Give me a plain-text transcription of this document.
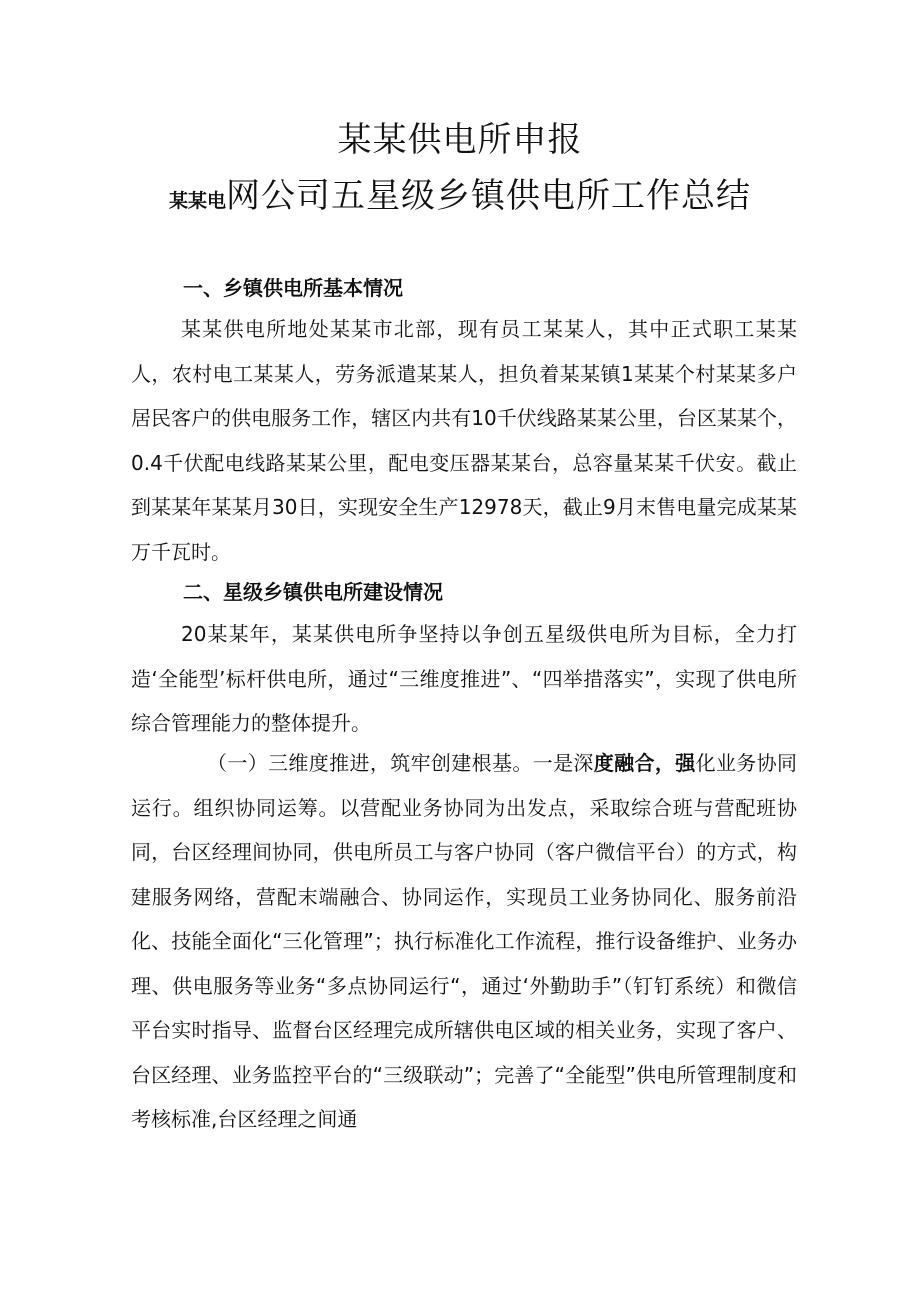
某某供电所申报
某某电网公司五星级乡镇供电所工作总结
一、乡镇供电所基本情况

某某供电所地处某某市北部，现有员工某某人，其中正式职工某某人，农村电工某某人，劳务派遣某某人，担负着某某镇1某某个村某某多户居民客户的供电服务工作，辖区内共有10千伏线路某某公里，台区某某个，0.4千伏配电线路某某公里，配电变压器某某台，总容量某某千伏安。截止到某某年某某月30日，实现安全生产12978天，截止9月末售电量完成某某万千瓦时。

二、星级乡镇供电所建设情况

20某某年，某某供电所争坚持以争创五星级供电所为目标，全力打造‘全能型’标杆供电所，通过“三维度推进”、“四举措落实”，实现了供电所综合管理能力的整体提升。

（一）三维度推进，筑牢创建根基。一是深度融合，强化业务协同运行。组织协同运筹。以营配业务协同为出发点，采取综合班与营配班协同，台区经理间协同，供电所员工与客户协同（客户微信平台）的方式，构建服务网络，营配末端融合、协同运作，实现员工业务协同化、服务前沿化、技能全面化“三化管理”；执行标准化工作流程，推行设备维护、业务办理、供电服务等业务“多点协同运行“，通过‘外勤助手”（钉钉系统）和微信平台实时指导、监督台区经理完成所辖供电区域的相关业务，实现了客户、台区经理、业务监控平台的“三级联动”；完善了“全能型”供电所管理制度和考核标准,台区经理之间通
